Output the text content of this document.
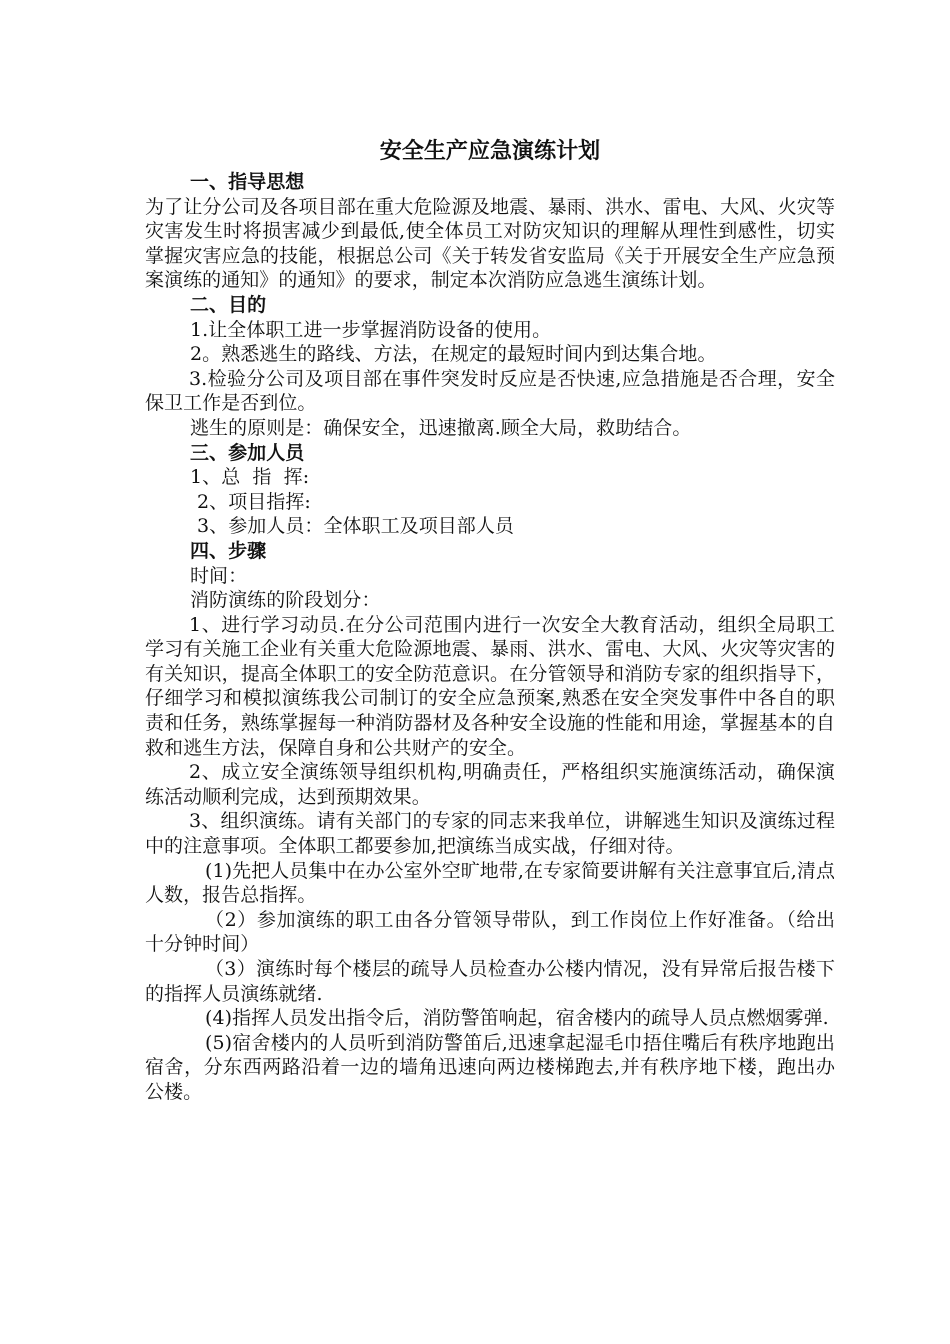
安全生产应急演练计划

一、指导思想

为了让分公司及各项目部在重大危险源及地震、暴雨、洪水、雷电、大风、火灾等灾害发生时将损害减少到最低,使全体员工对防灾知识的理解从理性到感性，切实掌握灾害应急的技能，根据总公司《关于转发省安监局《关于开展安全生产应急预案演练的通知》的通知》的要求，制定本次消防应急逃生演练计划。

二、目的

1.让全体职工进一步掌握消防设备的使用。

2。熟悉逃生的路线、方法，在规定的最短时间内到达集合地。

3.检验分公司及项目部在事件突发时反应是否快速,应急措施是否合理，安全保卫工作是否到位。

逃生的原则是：确保安全，迅速撤离.顾全大局，救助结合。

三、参加人员

1、总  指  挥:

2、项目指挥:

3、参加人员：全体职工及项目部人员

四、步骤

时间：

消防演练的阶段划分：

1、进行学习动员.在分公司范围内进行一次安全大教育活动，组织全局职工学习有关施工企业有关重大危险源地震、暴雨、洪水、雷电、大风、火灾等灾害的有关知识，提高全体职工的安全防范意识。在分管领导和消防专家的组织指导下，仔细学习和模拟演练我公司制订的安全应急预案,熟悉在安全突发事件中各自的职责和任务，熟练掌握每一种消防器材及各种安全设施的性能和用途，掌握基本的自救和逃生方法，保障自身和公共财产的安全。

2、成立安全演练领导组织机构,明确责任，严格组织实施演练活动，确保演练活动顺利完成，达到预期效果。

3、组织演练。请有关部门的专家的同志来我单位，讲解逃生知识及演练过程中的注意事项。全体职工都要参加,把演练当成实战，仔细对待。

(1)先把人员集中在办公室外空旷地带,在专家简要讲解有关注意事宜后,清点人数，报告总指挥。

（2）参加演练的职工由各分管领导带队，到工作岗位上作好准备。（给出十分钟时间）

（3）演练时每个楼层的疏导人员检查办公楼内情况，没有异常后报告楼下的指挥人员演练就绪.

(4)指挥人员发出指令后，消防警笛响起，宿舍楼内的疏导人员点燃烟雾弹.

(5)宿舍楼内的人员听到消防警笛后,迅速拿起湿毛巾捂住嘴后有秩序地跑出宿舍，分东西两路沿着一边的墙角迅速向两边楼梯跑去,并有秩序地下楼，跑出办公楼。
